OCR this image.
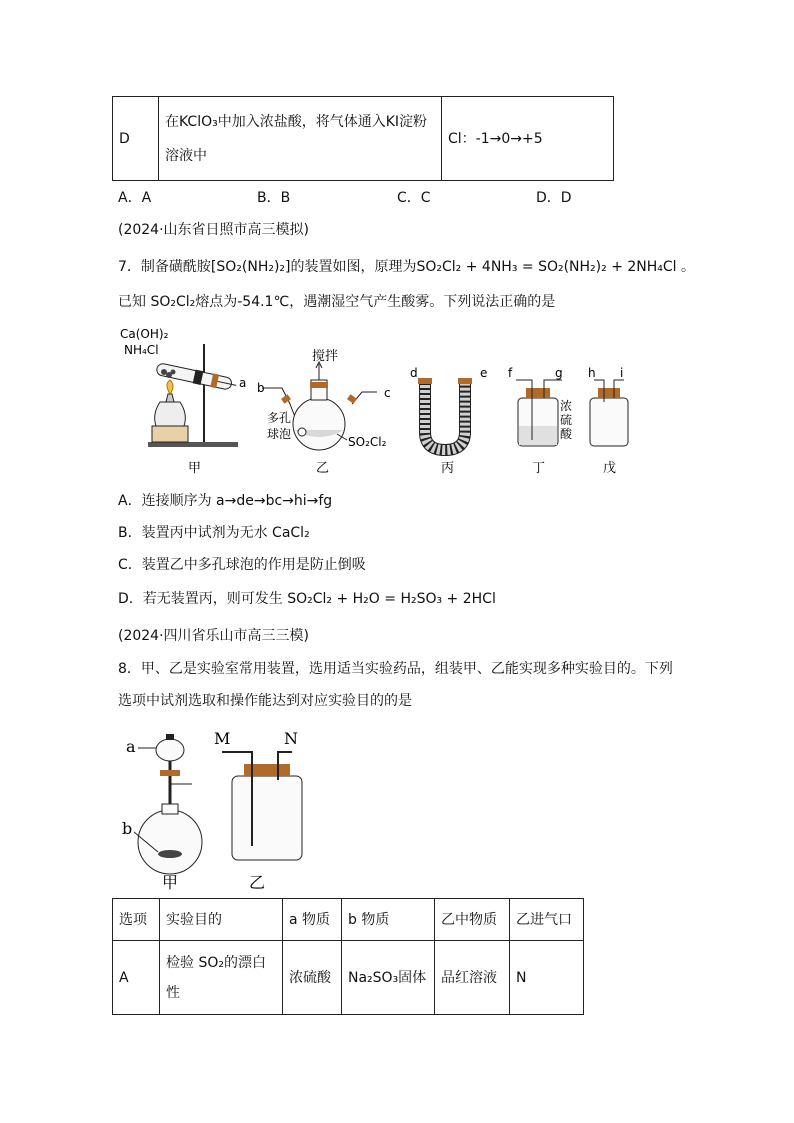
D	
在KClO₃中加入浓盐酸，将气体通入KI淀粉
溶液中
	Cl：-1→0→+5
A．A	B．B	C．C	D．D
(2024·山东省日照市高三模拟)
7．制备磺酰胺[SO₂(NH₂)₂]的装置如图，原理为SO₂Cl₂ + 4NH₃ = SO₂(NH₂)₂ + 2NH₄Cl 。
已知 SO₂Cl₂熔点为-54.1℃，遇潮湿空气产生酸雾。下列说法正确的是
Ca(OH)₂
NH₄Cl
a
甲
搅拌
b	c
多孔
球泡
SO₂Cl₂
乙
d	e
丙
f	g
浓
硫
酸
丁
h i
戊
A．连接顺序为 a→de→bc→hi→fg
B．装置丙中试剂为无水 CaCl₂
C．装置乙中多孔球泡的作用是防止倒吸
D．若无装置丙，则可发生 SO₂Cl₂ + H₂O = H₂SO₃ + 2HCl
(2024·四川省乐山市高三三模)
8．甲、乙是实验室常用装置，选用适当实验药品，组装甲、乙能实现多种实验目的。下列
选项中试剂选取和操作能达到对应实验目的的是
a
b
甲
M	N
乙
选项	实验目的	a 物质	b 物质	乙中物质	乙进气口
A	检验 SO₂的漂白
性	浓硫酸	Na₂SO₃固体	品红溶液	N
